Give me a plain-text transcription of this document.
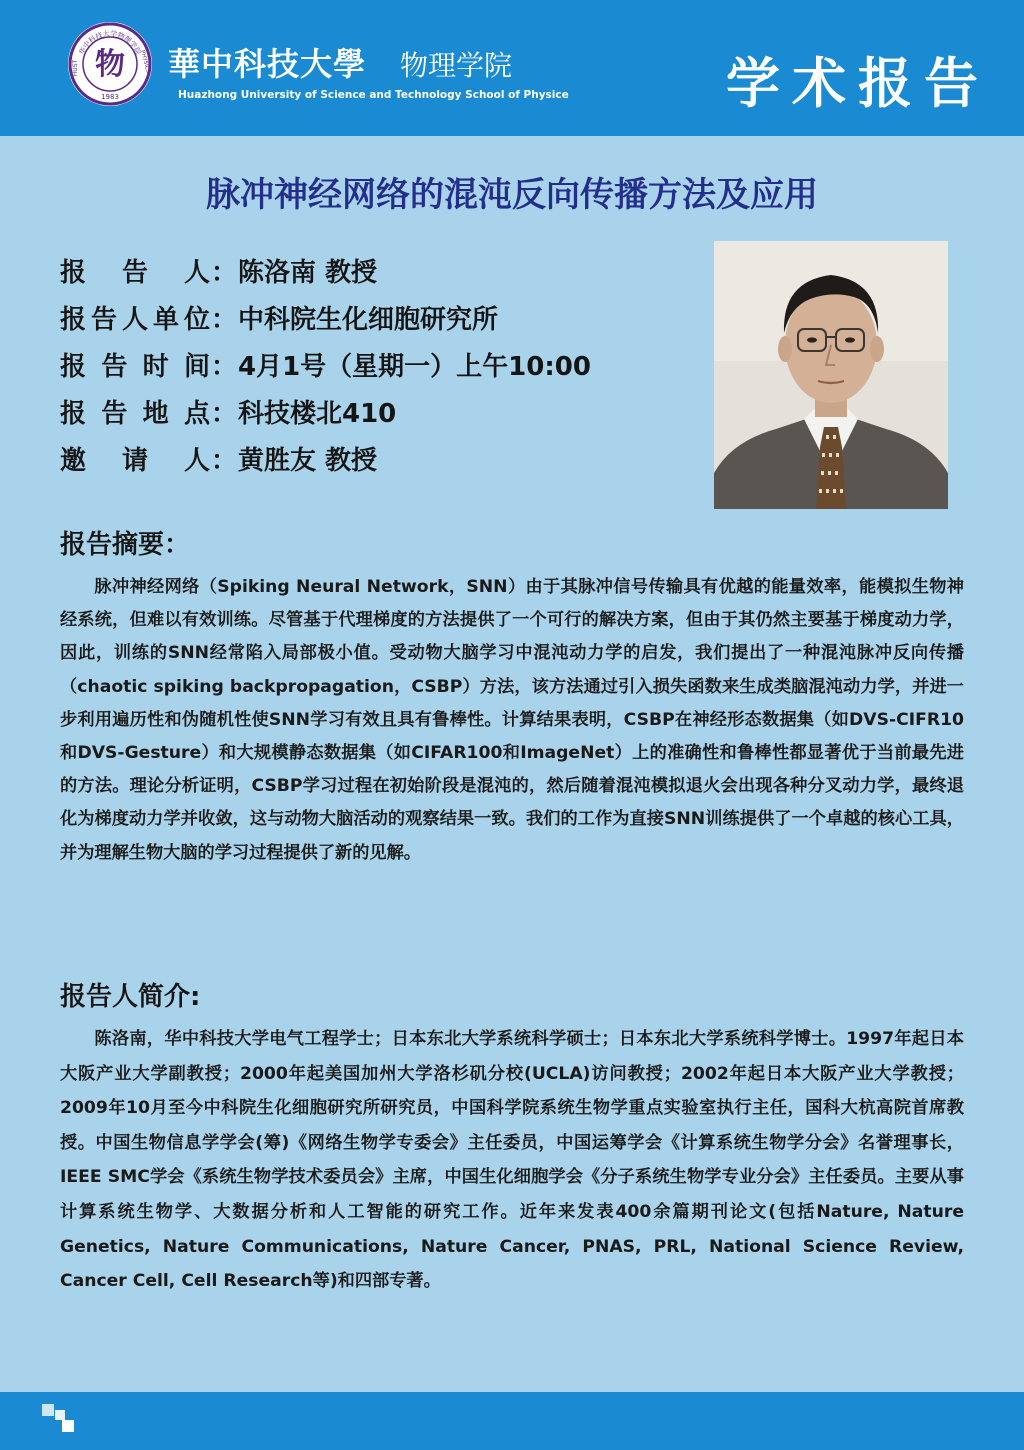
华中科技大学物理学院
HUST	PHYSICS
物
1983
華中科技大學 物理学院
Huazhong University of Science and Technology School of Physice	学术报告
脉冲神经网络的混沌反向传播方法及应用
报告人：陈洛南 教授
报告人单位：中科院生化细胞研究所
报告时间：4月1号（星期一）上午10:00
报告地点：科技楼北410
邀请人：黄胜友 教授
报告摘要：

脉冲神经网络（Spiking Neural Network，SNN）由于其脉冲信号传输具有优越的能量效率，能模拟生物神经系统，但难以有效训练。尽管基于代理梯度的方法提供了一个可行的解决方案，但由于其仍然主要基于梯度动力学，因此，训练的SNN经常陷入局部极小值。受动物大脑学习中混沌动力学的启发，我们提出了一种混沌脉冲反向传播（chaotic spiking backpropagation，CSBP）方法，该方法通过引入损失函数来生成类脑混沌动力学，并进一步利用遍历性和伪随机性使SNN学习有效且具有鲁棒性。计算结果表明，CSBP在神经形态数据集（如DVS-CIFR10和DVS-Gesture）和大规模静态数据集（如CIFAR100和ImageNet）上的准确性和鲁棒性都显著优于当前最先进的方法。理论分析证明，CSBP学习过程在初始阶段是混沌的，然后随着混沌模拟退火会出现各种分叉动力学，最终退化为梯度动力学并收敛，这与动物大脑活动的观察结果一致。我们的工作为直接SNN训练提供了一个卓越的核心工具，并为理解生物大脑的学习过程提供了新的见解。

报告人简介:

陈洛南，华中科技大学电气工程学士；日本东北大学系统科学硕士；日本东北大学系统科学博士。1997年起日本大阪产业大学副教授；2000年起美国加州大学洛杉矶分校(UCLA)访问教授；2002年起日本大阪产业大学教授；2009年10月至今中科院生化细胞研究所研究员，中国科学院系统生物学重点实验室执行主任，国科大杭高院首席教授。中国生物信息学学会(筹)《网络生物学专委会》主任委员，中国运筹学会《计算系统生物学分会》名誉理事长，IEEE SMC学会《系统生物学技术委员会》主席，中国生化细胞学会《分子系统生物学专业分会》主任委员。主要从事计算系统生物学、大数据分析和人工智能的研究工作。近年来发表400余篇期刊论文(包括Nature, Nature Genetics, Nature Communications, Nature Cancer, PNAS, PRL, National Science Review, Cancer Cell, Cell Research等)和四部专著。
